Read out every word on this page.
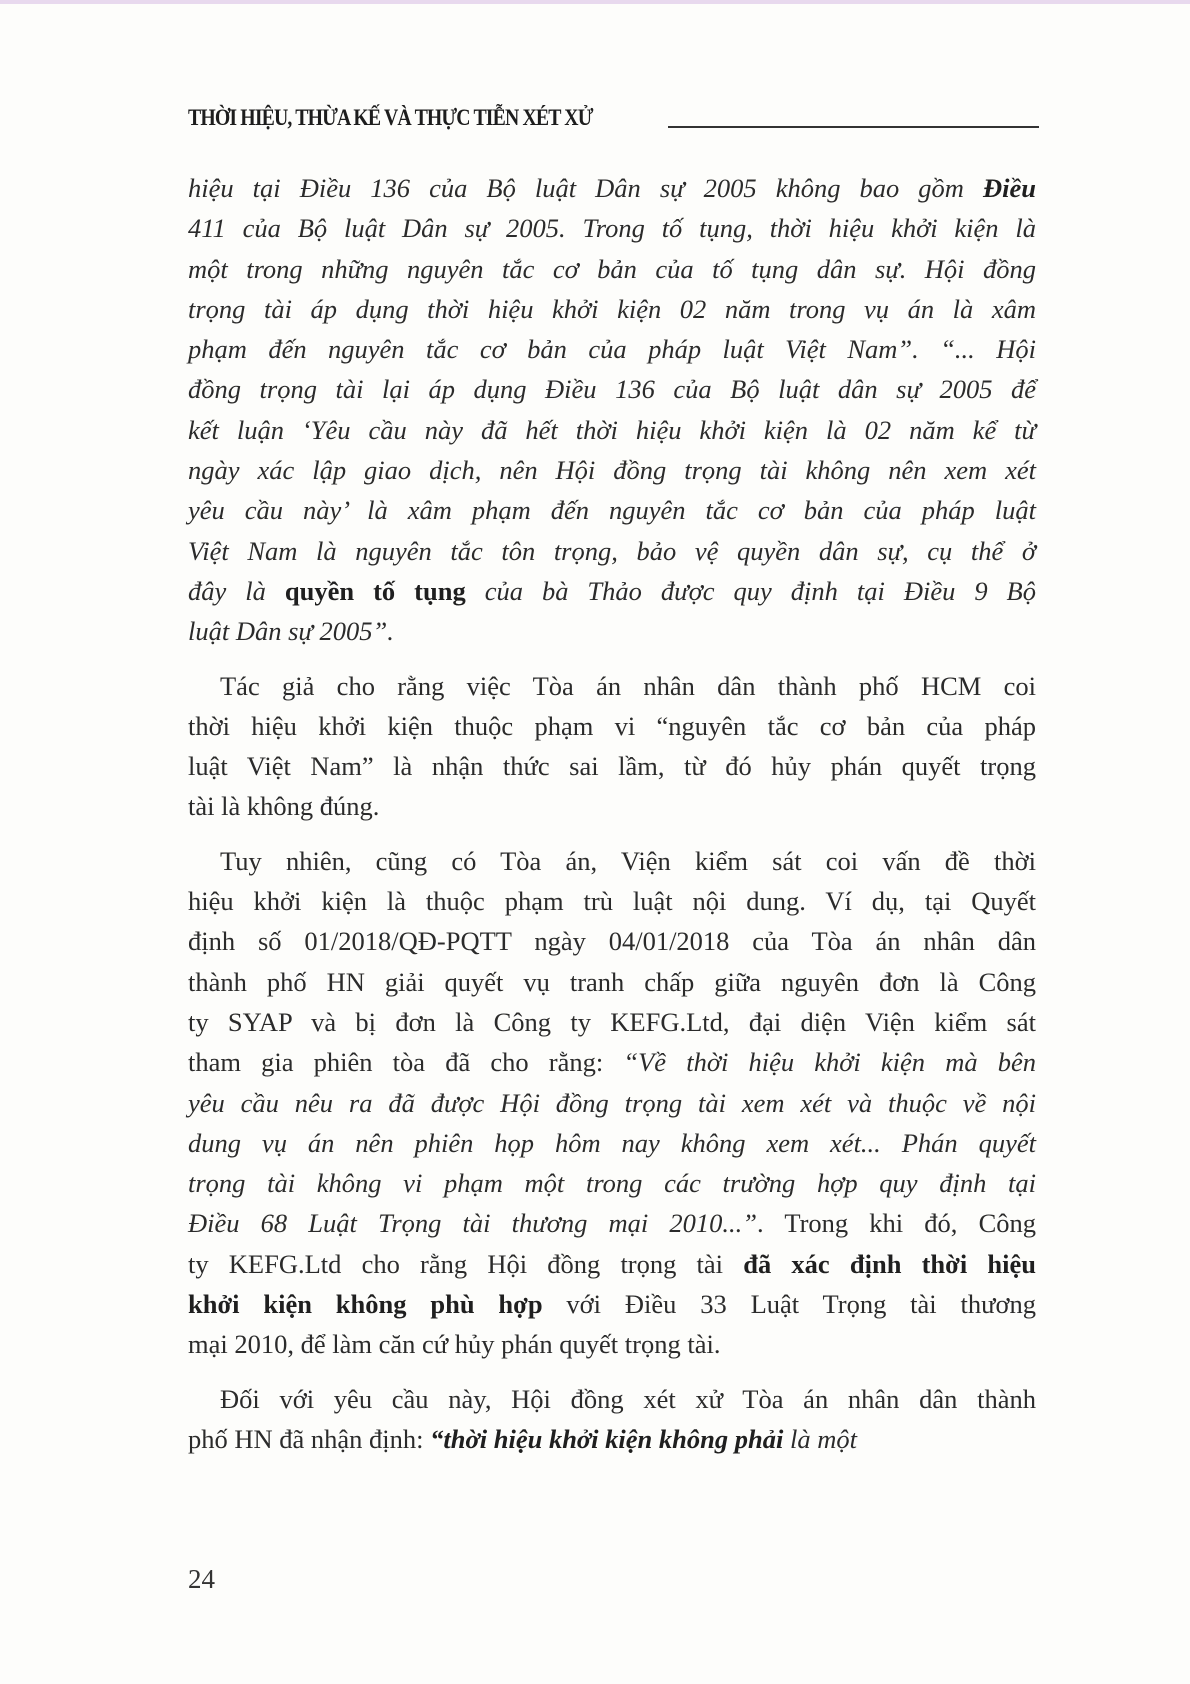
THỜI HIỆU, THỪA KẾ VÀ THỰC TIỄN XÉT XỬ
hiệu tại Điều 136 của Bộ luật Dân sự 2005 không bao gồm Điều
411 của Bộ luật Dân sự 2005. Trong tố tụng, thời hiệu khởi kiện là
một trong những nguyên tắc cơ bản của tố tụng dân sự. Hội đồng
trọng tài áp dụng thời hiệu khởi kiện 02 năm trong vụ án là xâm
phạm đến nguyên tắc cơ bản của pháp luật Việt Nam”. “... Hội
đồng trọng tài lại áp dụng Điều 136 của Bộ luật dân sự 2005 để
kết luận ‘Yêu cầu này đã hết thời hiệu khởi kiện là 02 năm kể từ
ngày xác lập giao dịch, nên Hội đồng trọng tài không nên xem xét
yêu cầu này’ là xâm phạm đến nguyên tắc cơ bản của pháp luật
Việt Nam là nguyên tắc tôn trọng, bảo vệ quyền dân sự, cụ thể ở
đây là quyền tố tụng của bà Thảo được quy định tại Điều 9 Bộ
luật Dân sự 2005”.
Tác giả cho rằng việc Tòa án nhân dân thành phố HCM coi
thời hiệu khởi kiện thuộc phạm vi “nguyên tắc cơ bản của pháp
luật Việt Nam” là nhận thức sai lầm, từ đó hủy phán quyết trọng
tài là không đúng.
Tuy nhiên, cũng có Tòa án, Viện kiểm sát coi vấn đề thời
hiệu khởi kiện là thuộc phạm trù luật nội dung. Ví dụ, tại Quyết
định số 01/2018/QĐ-PQTT ngày 04/01/2018 của Tòa án nhân dân
thành phố HN giải quyết vụ tranh chấp giữa nguyên đơn là Công
ty SYAP và bị đơn là Công ty KEFG.Ltd, đại diện Viện kiểm sát
tham gia phiên tòa đã cho rằng: “Về thời hiệu khởi kiện mà bên
yêu cầu nêu ra đã được Hội đồng trọng tài xem xét và thuộc về nội
dung vụ án nên phiên họp hôm nay không xem xét... Phán quyết
trọng tài không vi phạm một trong các trường hợp quy định tại
Điều 68 Luật Trọng tài thương mại 2010...”. Trong khi đó, Công
ty KEFG.Ltd cho rằng Hội đồng trọng tài đã xác định thời hiệu
khởi kiện không phù hợp với Điều 33 Luật Trọng tài thương
mại 2010, để làm căn cứ hủy phán quyết trọng tài.
Đối với yêu cầu này, Hội đồng xét xử Tòa án nhân dân thành
phố HN đã nhận định: “thời hiệu khởi kiện không phải là một
24
